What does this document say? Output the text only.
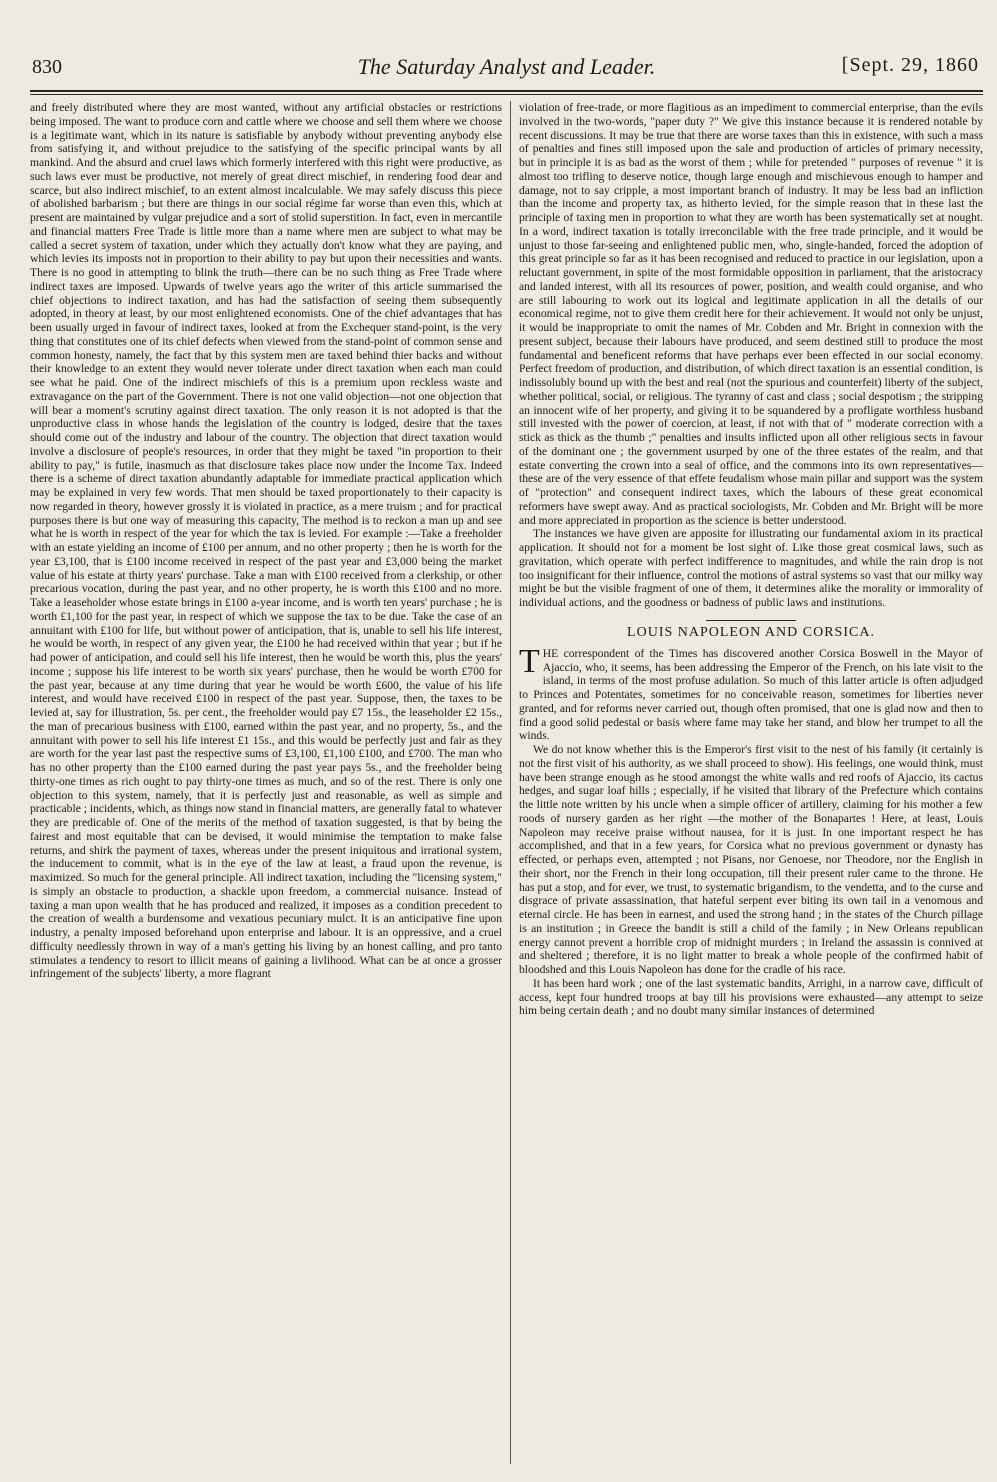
830	The Saturday Analyst and Leader.	[Sept. 29, 1860

and freely distributed where they are most wanted, without any artificial obstacles or restrictions being imposed. The want to produce corn and cattle where we choose and sell them where we choose is a legitimate want, which in its nature is satisfiable by anybody without preventing anybody else from satisfying it, and without prejudice to the satisfying of the specific principal wants by all mankind. And the absurd and cruel laws which formerly interfered with this right were productive, as such laws ever must be productive, not merely of great direct mischief, in rendering food dear and scarce, but also indirect mischief, to an extent almost incalculable. We may safely discuss this piece of abolished barbarism ; but there are things in our social régime far worse than even this, which at present are maintained by vulgar prejudice and a sort of stolid superstition. In fact, even in mercantile and financial matters Free Trade is little more than a name where men are subject to what may be called a secret system of taxation, under which they actually don't know what they are paying, and which levies its imposts not in proportion to their ability to pay but upon their necessities and wants. There is no good in attempting to blink the truth—there can be no such thing as Free Trade where indirect taxes are imposed. Upwards of twelve years ago the writer of this article summarised the chief objections to indirect taxation, and has had the satisfaction of seeing them subsequently adopted, in theory at least, by our most enlightened economists. One of the chief advantages that has been usually urged in favour of indirect taxes, looked at from the Exchequer stand-point, is the very thing that constitutes one of its chief defects when viewed from the stand-point of common sense and common honesty, namely, the fact that by this system men are taxed behind thier backs and without their knowledge to an extent they would never tolerate under direct taxation when each man could see what he paid. One of the indirect mischiefs of this is a premium upon reckless waste and extravagance on the part of the Government. There is not one valid objection—not one objection that will bear a moment's scrutiny against direct taxation. The only reason it is not adopted is that the unproductive class in whose hands the legislation of the country is lodged, desire that the taxes should come out of the industry and labour of the country. The objection that direct taxation would involve a disclosure of people's resources, in order that they might be taxed "in proportion to their ability to pay," is futile, inasmuch as that disclosure takes place now under the Income Tax. Indeed there is a scheme of direct taxation abundantly adaptable for immediate practical application which may be explained in very few words. That men should be taxed proportionately to their capacity is now regarded in theory, however grossly it is violated in practice, as a mere truism ; and for practical purposes there is but one way of measuring this capacity, The method is to reckon a man up and see what he is worth in respect of the year for which the tax is levied. For example :—Take a freeholder with an estate yielding an income of £100 per annum, and no other property ; then he is worth for the year £3,100, that is £100 income received in respect of the past year and £3,000 being the market value of his estate at thirty years' purchase. Take a man with £100 received from a clerkship, or other precarious vocation, during the past year, and no other property, he is worth this £100 and no more. Take a leaseholder whose estate brings in £100 a-year income, and is worth ten years' purchase ; he is worth £1,100 for the past year, in respect of which we suppose the tax to be due. Take the case of an annuitant with £100 for life, but without power of anticipation, that is, unable to sell his life interest, he would be worth, in respect of any given year, the £100 he had received within that year ; but if he had power of anticipation, and could sell his life interest, then he would be worth this, plus the years' income ; suppose his life interest to be worth six years' purchase, then he would be worth £700 for the past year, because at any time during that year he would be worth £600, the value of his life interest, and would have received £100 in respect of the past year. Suppose, then, the taxes to be levied at, say for illustration, 5s. per cent., the freeholder would pay £7 15s., the leaseholder £2 15s., the man of precarious business with £100, earned within the past year, and no property, 5s., and the annuitant with power to sell his life interest £1 15s., and this would be perfectly just and fair as they are worth for the year last past the respective sums of £3,100, £1,100 £100, and £700. The man who has no other property than the £100 earned during the past year pays 5s., and the freeholder being thirty-one times as rich ought to pay thirty-one times as much, and so of the rest. There is only one objection to this system, namely, that it is perfectly just and reasonable, as well as simple and practicable ; incidents, which, as things now stand in financial matters, are generally fatal to whatever they are predicable of. One of the merits of the method of taxation suggested, is that by being the fairest and most equitable that can be devised, it would minimise the temptation to make false returns, and shirk the payment of taxes, whereas under the present iniquitous and irrational system, the inducement to commit, what is in the eye of the law at least, a fraud upon the revenue, is maximized. So much for the general principle. All indirect taxation, including the "licensing system," is simply an obstacle to production, a shackle upon freedom, a commercial nuisance. Instead of taxing a man upon wealth that he has produced and realized, it imposes as a condition precedent to the creation of wealth a burdensome and vexatious pecuniary mulct. It is an anticipative fine upon industry, a penalty imposed beforehand upon enterprise and labour. It is an oppressive, and a cruel difficulty needlessly thrown in way of a man's getting his living by an honest calling, and pro tanto stimulates a tendency to resort to illicit means of gaining a livlihood. What can be at once a grosser infringement of the subjects' liberty, a more flagrant

violation of free-trade, or more flagitious as an impediment to commercial enterprise, than the evils involved in the two-words, "paper duty ?" We give this instance because it is rendered notable by recent discussions. It may be true that there are worse taxes than this in existence, with such a mass of penalties and fines still imposed upon the sale and production of articles of primary necessity, but in principle it is as bad as the worst of them ; while for pretended " purposes of revenue " it is almost too trifling to deserve notice, though large enough and mischievous enough to hamper and damage, not to say cripple, a most important branch of industry. It may be less bad an infliction than the income and property tax, as hitherto levied, for the simple reason that in these last the principle of taxing men in proportion to what they are worth has been systematically set at nought. In a word, indirect taxation is totally irreconcilable with the free trade principle, and it would be unjust to those far-seeing and enlightened public men, who, single-handed, forced the adoption of this great principle so far as it has been recognised and reduced to practice in our legislation, upon a reluctant government, in spite of the most formidable opposition in parliament, that the aristocracy and landed interest, with all its resources of power, position, and wealth could organise, and who are still labouring to work out its logical and legitimate application in all the details of our economical regime, not to give them credit here for their achievement. It would not only be unjust, it would be inappropriate to omit the names of Mr. Cobden and Mr. Bright in connexion with the present subject, because their labours have produced, and seem destined still to produce the most fundamental and beneficent reforms that have perhaps ever been effected in our social economy. Perfect freedom of production, and distribution, of which direct taxation is an essential condition, is indissolubly bound up with the best and real (not the spurious and counterfeit) liberty of the subject, whether political, social, or religious. The tyranny of cast and class ; social despotism ; the stripping an innocent wife of her property, and giving it to be squandered by a profligate worthless husband still invested with the power of coercion, at least, if not with that of " moderate correction with a stick as thick as the thumb ;" penalties and insults inflicted upon all other religious sects in favour of the dominant one ; the government usurped by one of the three estates of the realm, and that estate converting the crown into a seal of office, and the commons into its own representatives—these are of the very essence of that effete feudalism whose main pillar and support was the system of "protection" and consequent indirect taxes, which the labours of these great economical reformers have swept away. And as practical sociologists, Mr. Cobden and Mr. Bright will be more and more appreciated in proportion as the science is better understood.

The instances we have given are apposite for illustrating our fundamental axiom in its practical application. It should not for a moment be lost sight of. Like those great cosmical laws, such as gravitation, which operate with perfect indifference to magnitudes, and while the rain drop is not too insignificant for their influence, control the motions of astral systems so vast that our milky way might be but the visible fragment of one of them, it determines alike the morality or immorality of individual actions, and the goodness or badness of public laws and institutions.

LOUIS NAPOLEON AND CORSICA.

THE correspondent of the Times has discovered another Corsica Boswell in the Mayor of Ajaccio, who, it seems, has been addressing the Emperor of the French, on his late visit to the island, in terms of the most profuse adulation. So much of this latter article is often adjudged to Princes and Potentates, sometimes for no conceivable reason, sometimes for liberties never granted, and for reforms never carried out, though often promised, that one is glad now and then to find a good solid pedestal or basis where fame may take her stand, and blow her trumpet to all the winds.

We do not know whether this is the Emperor's first visit to the nest of his family (it certainly is not the first visit of his authority, as we shall proceed to show). His feelings, one would think, must have been strange enough as he stood amongst the white walls and red roofs of Ajaccio, its cactus hedges, and sugar loaf hills ; especially, if he visited that library of the Prefecture which contains the little note written by his uncle when a simple officer of artillery, claiming for his mother a few roods of nursery garden as her right —the mother of the Bonapartes ! Here, at least, Louis Napoleon may receive praise without nausea, for it is just. In one important respect he has accomplished, and that in a few years, for Corsica what no previous government or dynasty has effected, or perhaps even, attempted ; not Pisans, nor Genoese, nor Theodore, nor the English in their short, nor the French in their long occupation, till their present ruler came to the throne. He has put a stop, and for ever, we trust, to systematic brigandism, to the vendetta, and to the curse and disgrace of private assassination, that hateful serpent ever biting its own tail in a venomous and eternal circle. He has been in earnest, and used the strong hand ; in the states of the Church pillage is an institution ; in Greece the bandit is still a child of the family ; in New Orleans republican energy cannot prevent a horrible crop of midnight murders ; in Ireland the assassin is connived at and sheltered ; therefore, it is no light matter to break a whole people of the confirmed habit of bloodshed and this Louis Napoleon has done for the cradle of his race.

It has been hard work ; one of the last systematic bandits, Arrighi, in a narrow cave, difficult of access, kept four hundred troops at bay till his provisions were exhausted—any attempt to seize him being certain death ; and no doubt many similar instances of determined
